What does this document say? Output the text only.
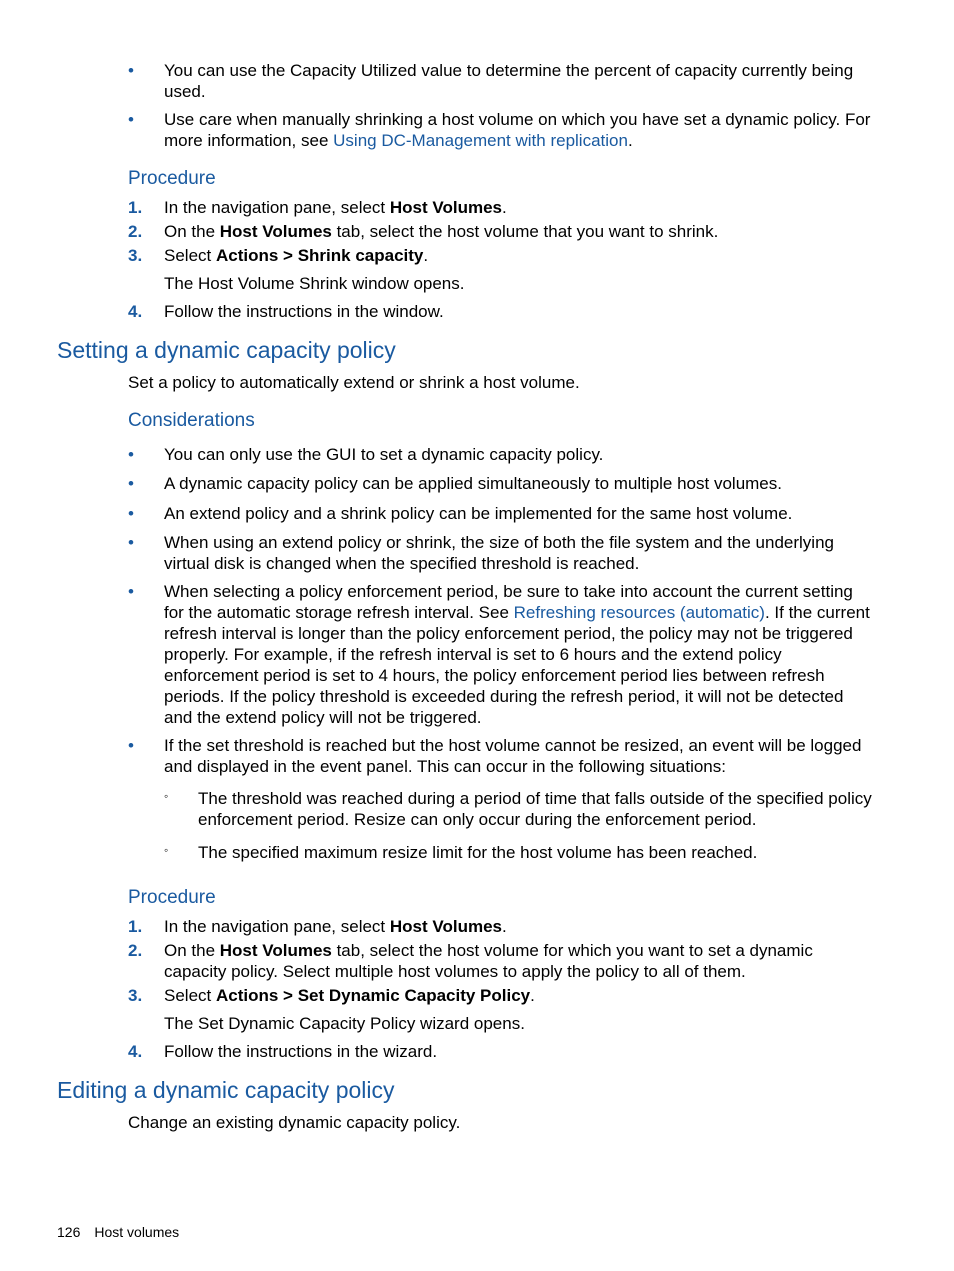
•	You can use the Capacity Utilized value to determine the percent of capacity currently being used.
•	Use care when manually shrinking a host volume on which you have set a dynamic policy. For more information, see Using DC-Management with replication.
Procedure
1. In the navigation pane, select Host Volumes.
2. On the Host Volumes tab, select the host volume that you want to shrink.
3. Select Actions > Shrink capacity.
The Host Volume Shrink window opens.
4. Follow the instructions in the window.
Setting a dynamic capacity policy
Set a policy to automatically extend or shrink a host volume.
Considerations
•	You can only use the GUI to set a dynamic capacity policy.
•	A dynamic capacity policy can be applied simultaneously to multiple host volumes.
•	An extend policy and a shrink policy can be implemented for the same host volume.
•	When using an extend policy or shrink, the size of both the file system and the underlying virtual disk is changed when the specified threshold is reached.
•	When selecting a policy enforcement period, be sure to take into account the current setting for the automatic storage refresh interval. See Refreshing resources (automatic). If the current refresh interval is longer than the policy enforcement period, the policy may not be triggered properly. For example, if the refresh interval is set to 6 hours and the extend policy enforcement period is set to 4 hours, the policy enforcement period lies between refresh periods. If the policy threshold is exceeded during the refresh period, it will not be detected and the extend policy will not be triggered.
•	If the set threshold is reached but the host volume cannot be resized, an event will be logged and displayed in the event panel. This can occur in the following situations:
◦ The threshold was reached during a period of time that falls outside of the specified policy enforcement period. Resize can only occur during the enforcement period.
◦ The specified maximum resize limit for the host volume has been reached.
Procedure
1. In the navigation pane, select Host Volumes.
2. On the Host Volumes tab, select the host volume for which you want to set a dynamic capacity policy. Select multiple host volumes to apply the policy to all of them.
3. Select Actions > Set Dynamic Capacity Policy.
The Set Dynamic Capacity Policy wizard opens.
4. Follow the instructions in the wizard.
Editing a dynamic capacity policy
Change an existing dynamic capacity policy.
126 Host volumes
